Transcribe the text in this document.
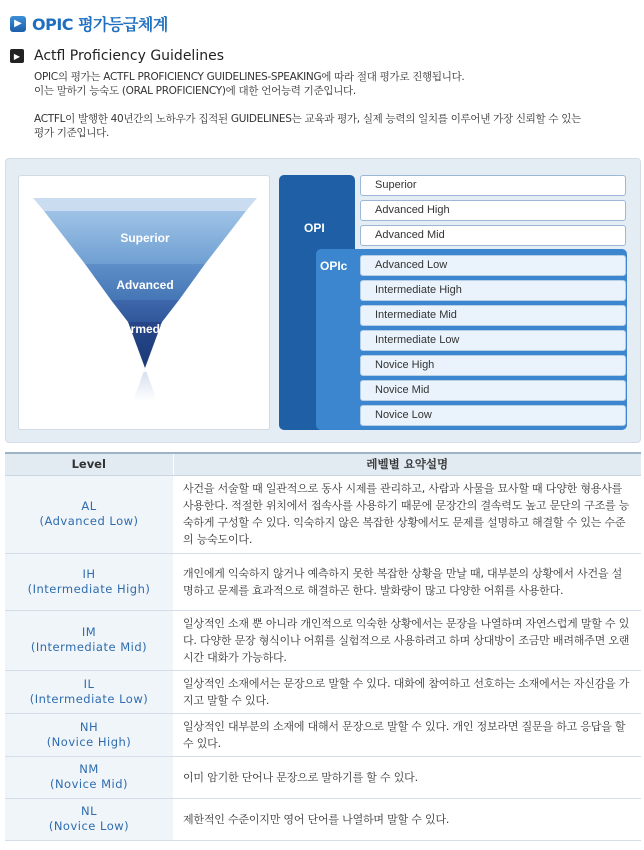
▶ OPIC 평가등급체계
▶ Actfl Proficiency Guidelines

OPIC의 평가는 ACTFL PROFICIENCY GUIDELINES-SPEAKING에 따라 절대 평가로 진행됩니다.

이는 말하기 능숙도 (ORAL PROFICIENCY)에 대한 언어능력 기준입니다.

ACTFL이 발행한 40년간의 노하우가 집적된 GUIDELINES는 교육과 평가, 실제 능력의 일치를 이루어낸 가장 신뢰할 수 있는

평가 기준입니다.

Superior
Advanced
Intermediate
Novice
OPI
OPIc
Superior
Advanced High
Advanced Mid
Advanced Low
Intermediate High
Intermediate Mid
Intermediate Low
Novice High
Novice Mid
Novice Low
Level	레벨별 요약설명

AL
(Advanced Low)	사건을 서술할 때 일관적으로 동사 시제를 관리하고, 사람과 사물을 묘사할 때 다양한 형용사를 사용한다. 적절한 위치에서 접속사를 사용하기 때문에 문장간의 결속력도 높고 문단의 구조를 능숙하게 구성할 수 있다. 익숙하지 않은 복잡한 상황에서도 문제를 설명하고 해결할 수 있는 수준의 능숙도이다.

IH
(Intermediate High)	개인에게 익숙하지 않거나 예측하지 못한 복잡한 상황을 만날 때, 대부분의 상황에서 사건을 설명하고 문제를 효과적으로 해결하곤 한다. 발화량이 많고 다양한 어휘를 사용한다.

IM
(Intermediate Mid)	일상적인 소재 뿐 아니라 개인적으로 익숙한 상황에서는 문장을 나열하며 자연스럽게 말할 수 있다. 다양한 문장 형식이나 어휘를 실험적으로 사용하려고 하며 상대방이 조금만 배려해주면 오랜 시간 대화가 가능하다.

IL
(Intermediate Low)	일상적인 소재에서는 문장으로 말할 수 있다. 대화에 참여하고 선호하는 소재에서는 자신감을 가지고 말할 수 있다.

NH
(Novice High)	일상적인 대부분의 소재에 대해서 문장으로 말할 수 있다. 개인 정보라면 질문을 하고 응답을 할 수 있다.

NM
(Novice Mid)	이미 암기한 단어나 문장으로 말하기를 할 수 있다.

NL
(Novice Low)	제한적인 수준이지만 영어 단어를 나열하며 말할 수 있다.
